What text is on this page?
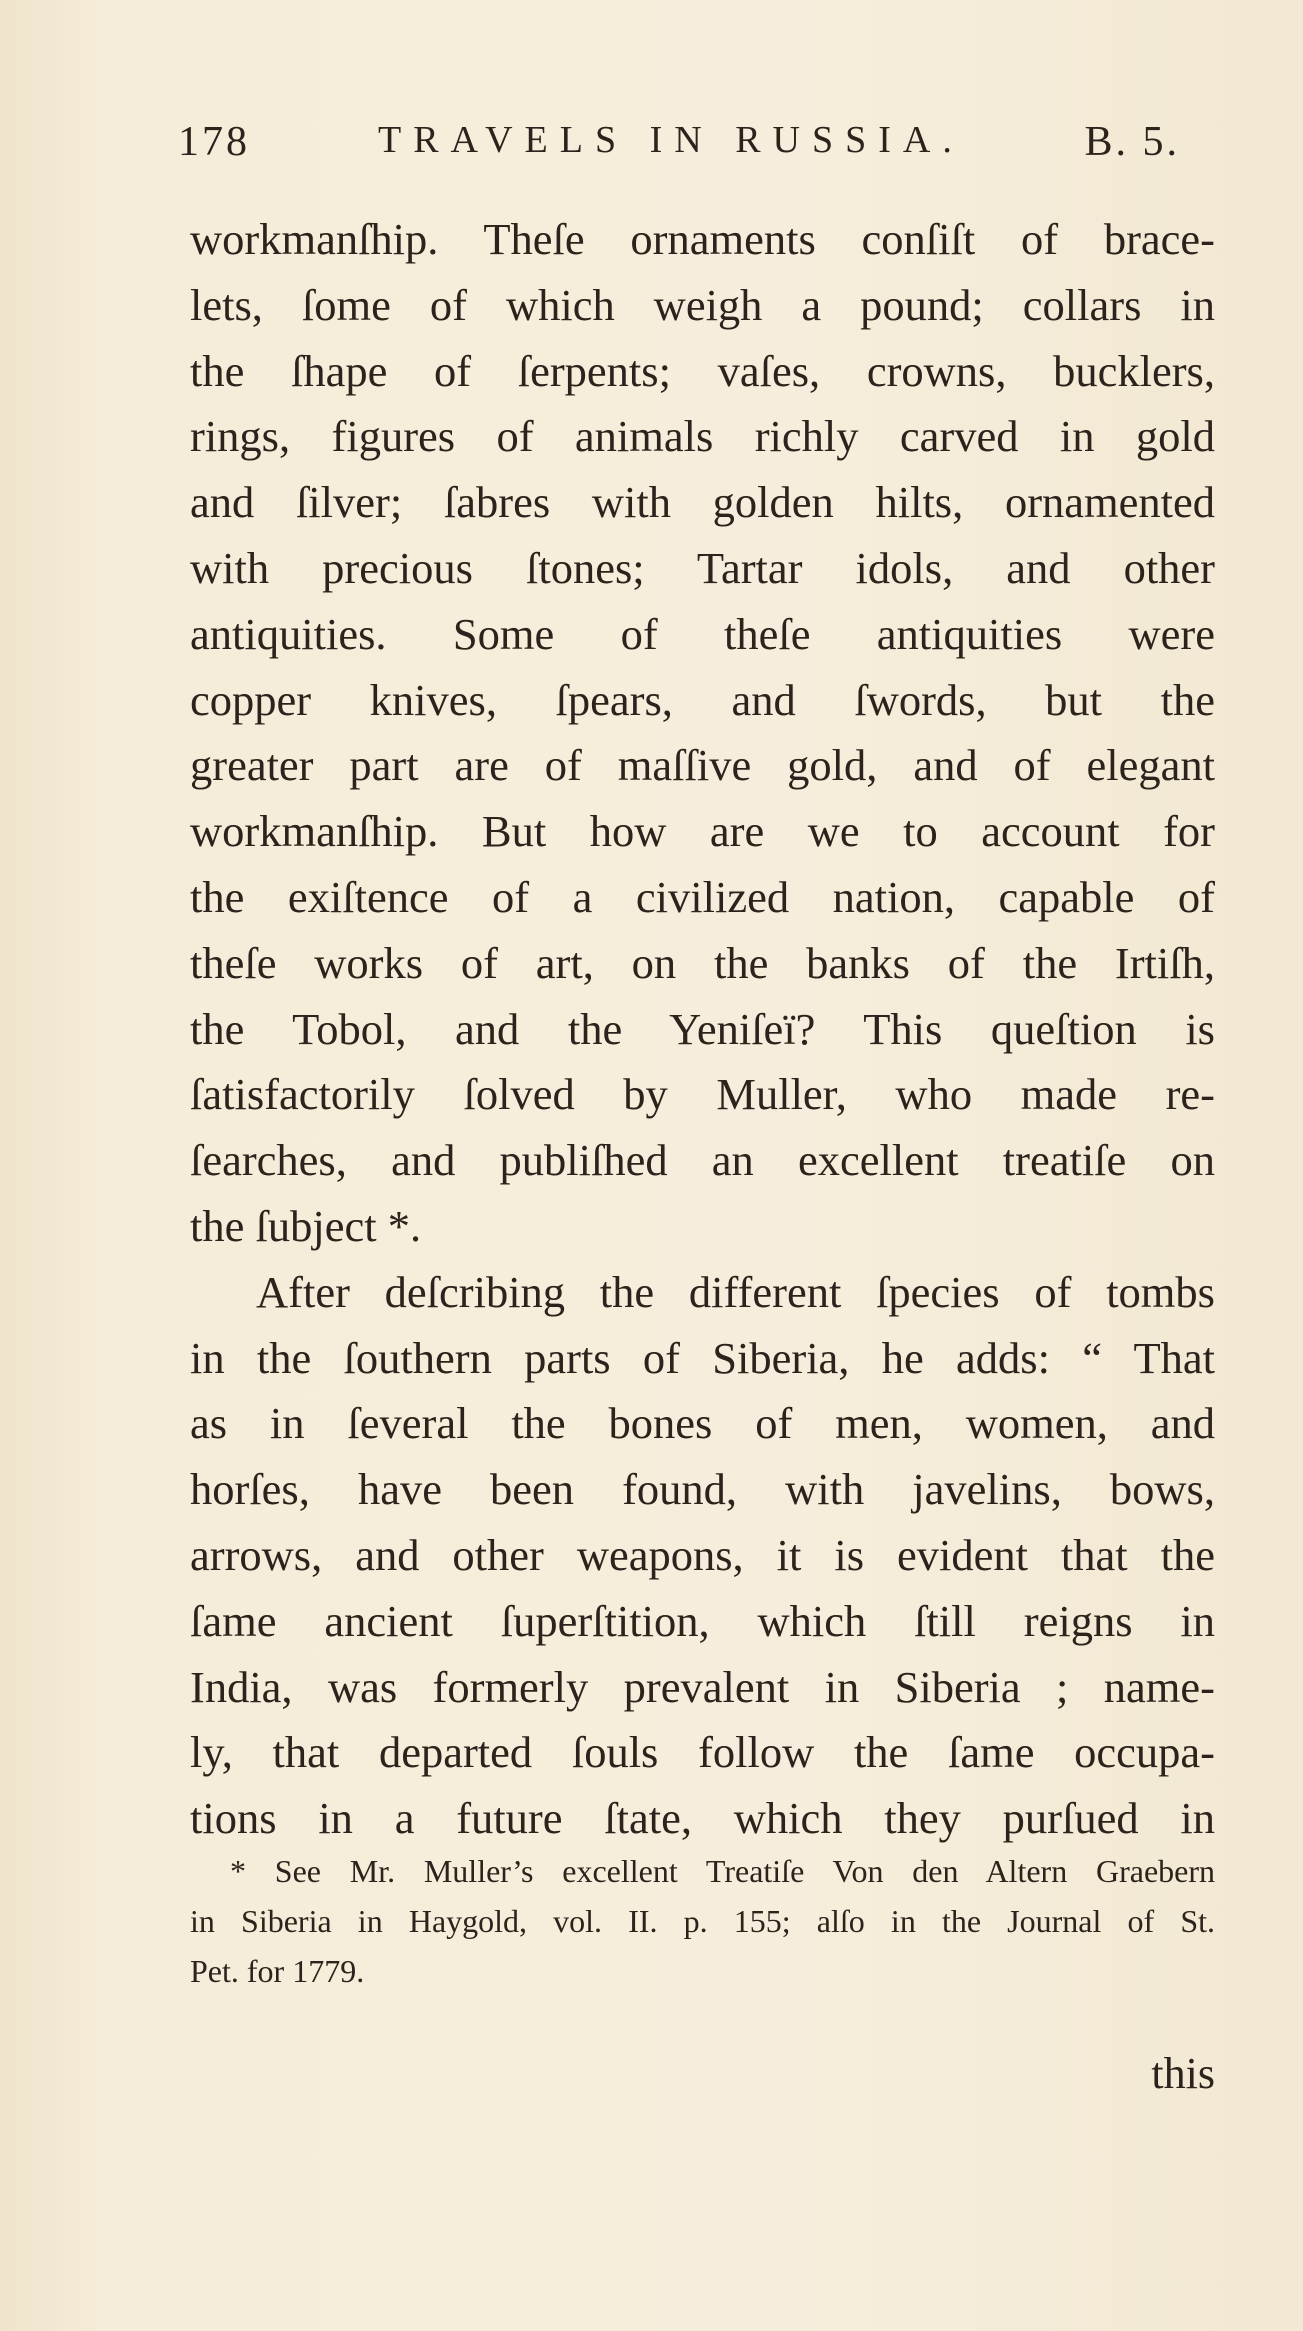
178	TRAVELS IN RUSSIA.	B. 5.
workmanſhip. Theſe ornaments conſiſt of brace-
lets, ſome of which weigh a pound; collars in
the ſhape of ſerpents; vaſes, crowns, bucklers,
rings, figures of animals richly carved in gold
and ſilver; ſabres with golden hilts, ornamented
with precious ſtones; Tartar idols, and other
antiquities. Some of theſe antiquities were
copper knives, ſpears, and ſwords, but the
greater part are of maſſive gold, and of elegant
workmanſhip. But how are we to account for
the exiſtence of a civilized nation, capable of
theſe works of art, on the banks of the Irtiſh,
the Tobol, and the Yeniſeï? This queſtion is
ſatisfactorily ſolved by Muller, who made re-
ſearches, and publiſhed an excellent treatiſe on
the ſubject *.
After deſcribing the different ſpecies of tombs
in the ſouthern parts of Siberia, he adds: “ That
as in ſeveral the bones of men, women, and
horſes, have been found, with javelins, bows,
arrows, and other weapons, it is evident that the
ſame ancient ſuperſtition, which ſtill reigns in
India, was formerly prevalent in Siberia ; name-
ly, that departed ſouls follow the ſame occupa-
tions in a future ſtate, which they purſued in
* See Mr. Muller’s excellent Treatiſe Von den Altern Graebern
in Siberia in Haygold, vol. II. p. 155; alſo in the Journal of St.
Pet. for 1779.
this
